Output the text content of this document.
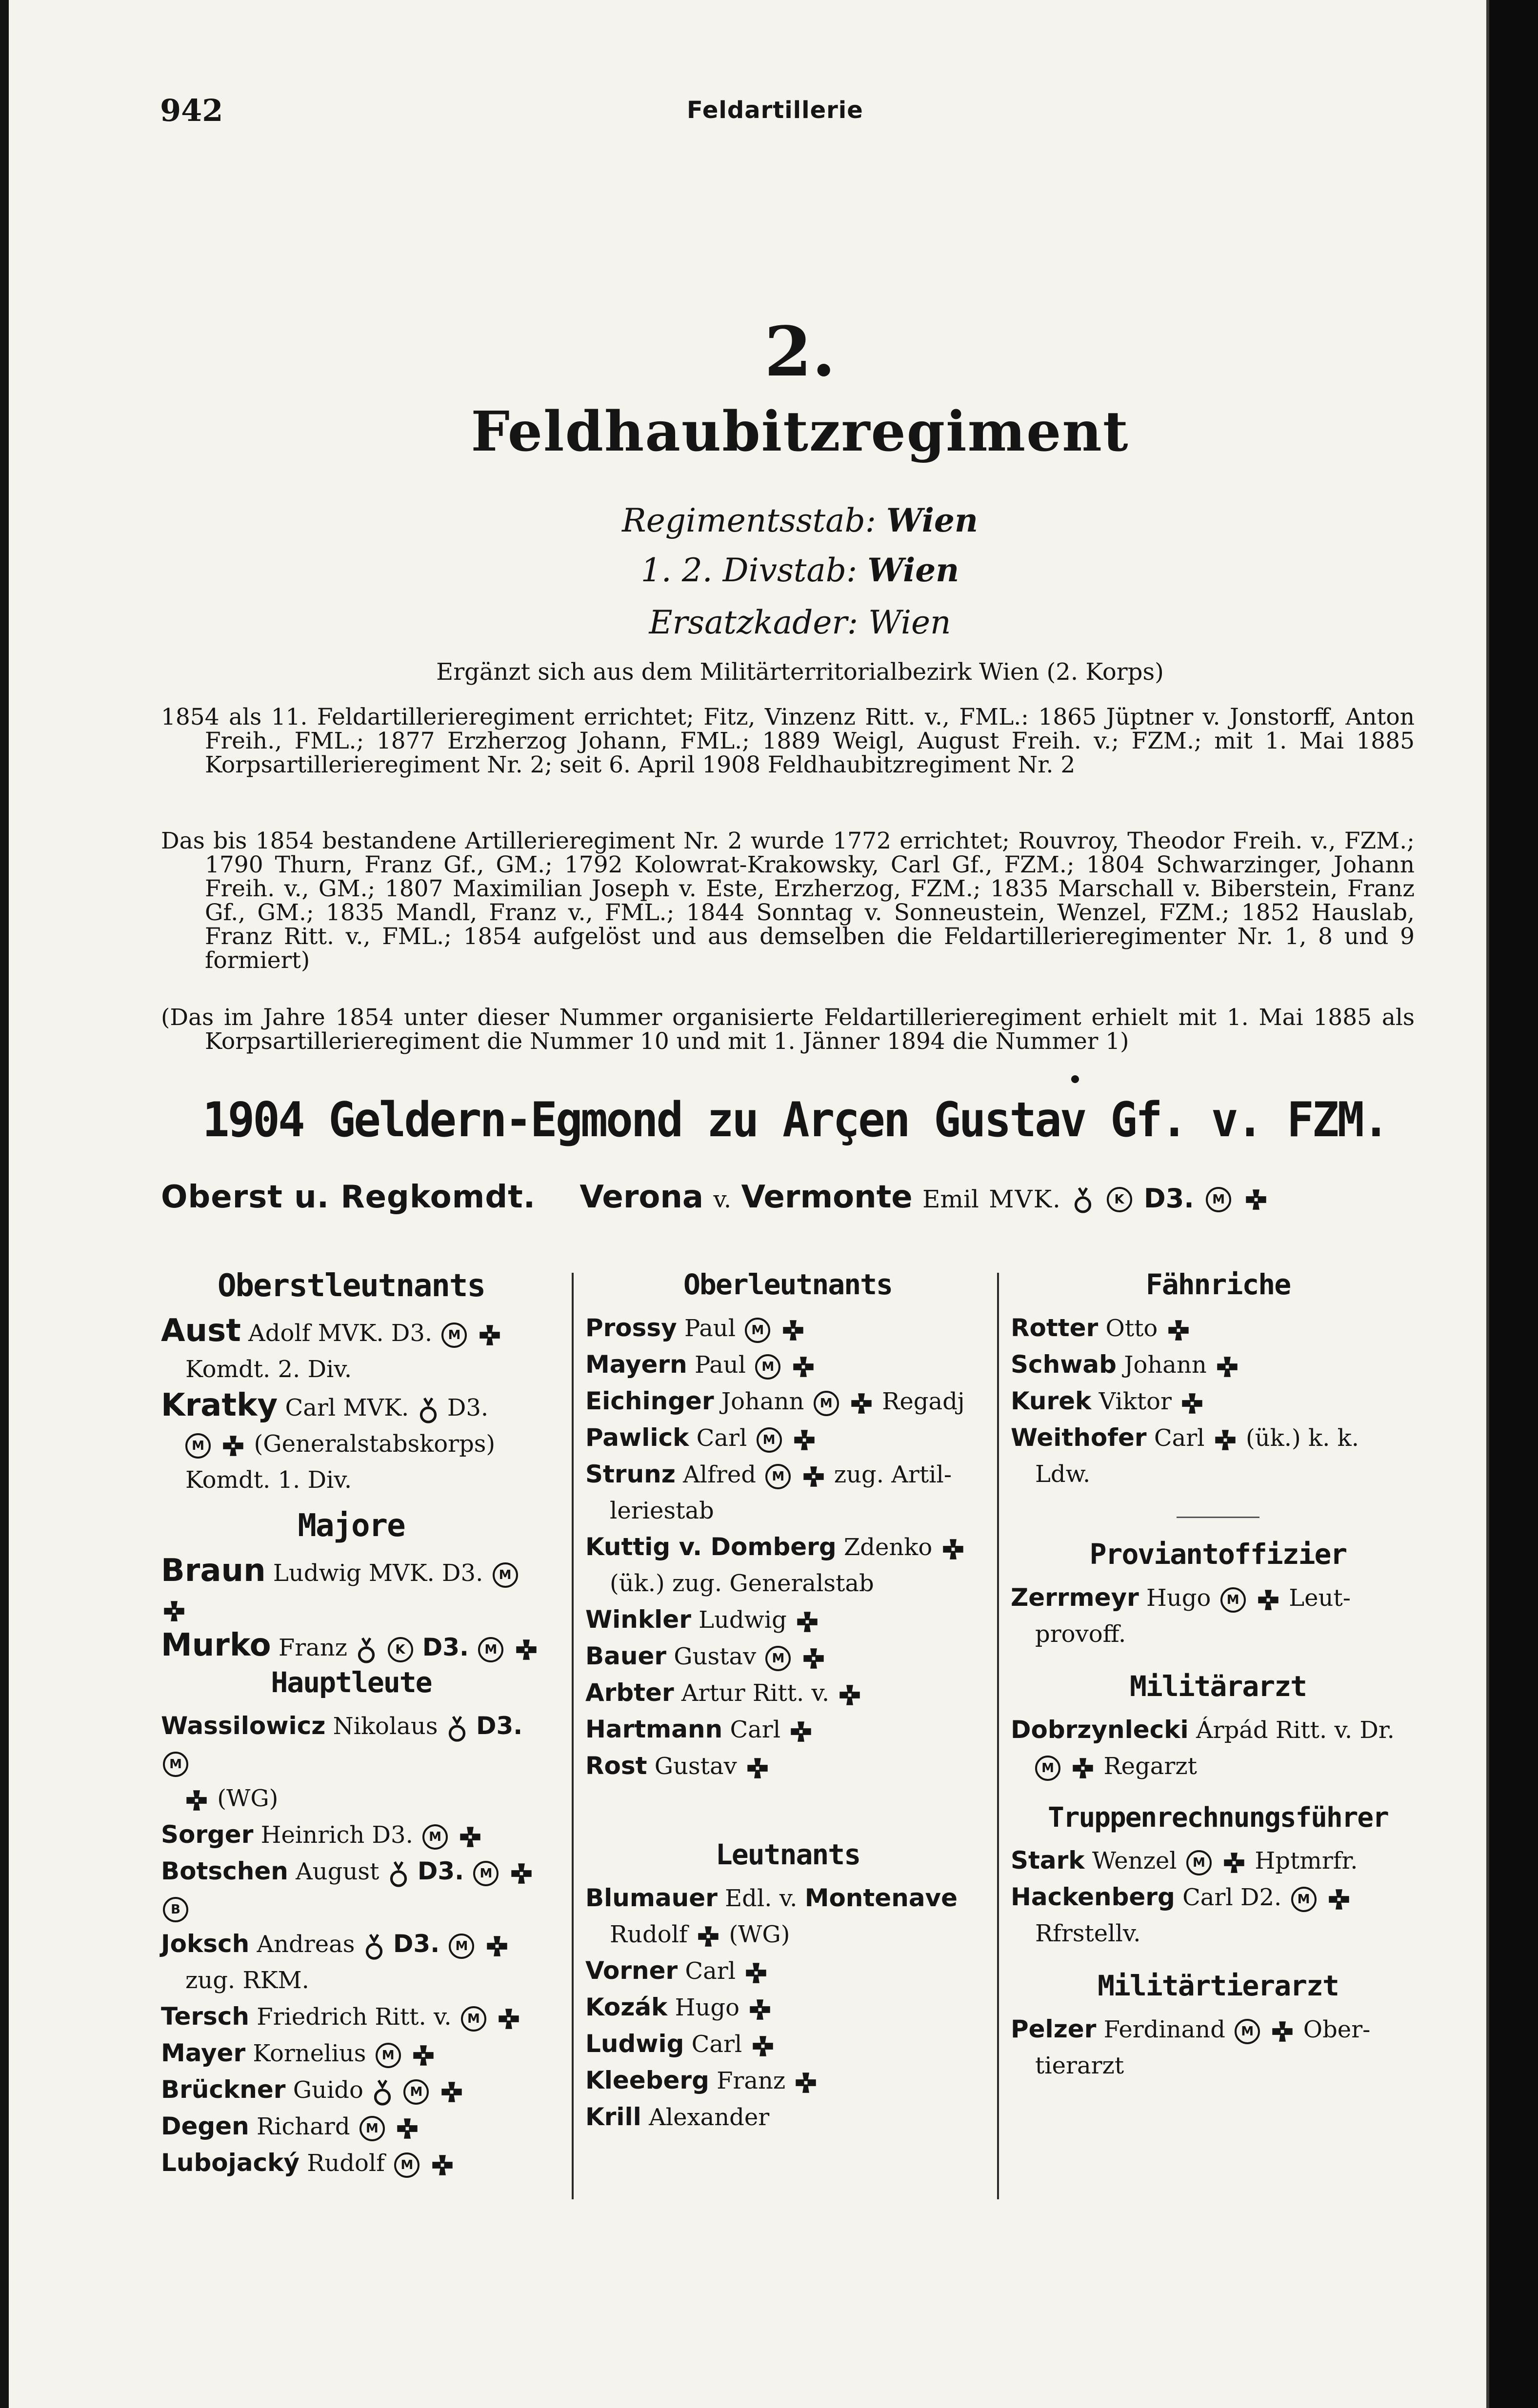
942	Feldartillerie
2.
Feldhaubitzregiment
Regimentsstab: Wien
1. 2. Divstab: Wien
Ersatzkader: Wien
Ergänzt sich aus dem Militärterritorialbezirk Wien (2. Korps)

1854 als 11. Feldartillerieregiment errichtet; Fitz, Vinzenz Ritt. v., FML.: 1865 Jüptner v. Jonstorff, Anton Freih., FML.; 1877 Erzherzog Johann, FML.; 1889 Weigl, August Freih. v.; FZM.; mit 1. Mai 1885 Korpsartillerieregiment Nr. 2; seit 6. April 1908 Feldhaubitzregiment Nr. 2

Das bis 1854 bestandene Artillerieregiment Nr. 2 wurde 1772 errichtet; Rouvroy, Theodor Freih. v., FZM.; 1790 Thurn, Franz Gf., GM.; 1792 Kolowrat-Krakowsky, Carl Gf., FZM.; 1804 Schwarzinger, Johann Freih. v., GM.; 1807 Maximilian Joseph v. Este, Erzherzog, FZM.; 1835 Marschall v. Biberstein, Franz Gf., GM.; 1835 Mandl, Franz v., FML.; 1844 Sonntag v. Sonneustein, Wenzel, FZM.; 1852 Hauslab, Franz Ritt. v., FML.; 1854 aufgelöst und aus demselben die Feldartillerieregimenter Nr. 1, 8 und 9 formiert)

(Das im Jahre 1854 unter dieser Nummer organisierte Feldartillerieregiment erhielt mit 1. Mai 1885 als Korpsartillerieregiment die Nummer 10 und mit 1. Jänner 1894 die Nummer 1)

1904 Geldern-Egmond zu Arçen Gustav Gf. v. FZM.
Oberst u. Regkomdt. Verona v. Vermonte Emil MVK.	K D3. M
Oberstleutnants

Aust Adolf MVK. D3. M
Komdt. 2. Div.

Kratky Carl MVK. D3.
M (Generalstabskorps)
Komdt. 1. Div.

Majore

Braun Ludwig MVK. D3. M

Murko Franz	K D3. M

Hauptleute

Wassilowicz Nikolaus D3. M
(WG)

Sorger Heinrich D3. M

Botschen August D3. M
B

Joksch Andreas D3. M
zug. RKM.

Tersch Friedrich Ritt. v. M

Mayer Kornelius M

Brückner Guido	M

Degen Richard M

Lubojacký Rudolf M

Oberleutnants

Prossy Paul M

Mayern Paul M

Eichinger Johann M Regadj

Pawlick Carl M

Strunz Alfred M zug. Artil-
leriestab

Kuttig v. Domberg Zdenko
(ük.) zug. Generalstab

Winkler Ludwig

Bauer Gustav M

Arbter Artur Ritt. v.

Hartmann Carl

Rost Gustav

Leutnants

Blumauer Edl. v. Montenave
Rudolf (WG)

Vorner Carl

Kozák Hugo

Ludwig Carl

Kleeberg Franz

Krill Alexander

Fähnriche

Rotter Otto

Schwab Johann

Kurek Viktor

Weithofer Carl (ük.) k. k.
Ldw.

Proviantoffizier

Zerrmeyr Hugo M Leut-
provoff.

Militärarzt

Dobrzynlecki Árpád Ritt. v. Dr.
M Regarzt

Truppenrechnungsführer

Stark Wenzel M Hptmrfr.

Hackenberg Carl D2. M
Rfrstellv.

Militärtierarzt

Pelzer Ferdinand M Ober-
tierarzt
